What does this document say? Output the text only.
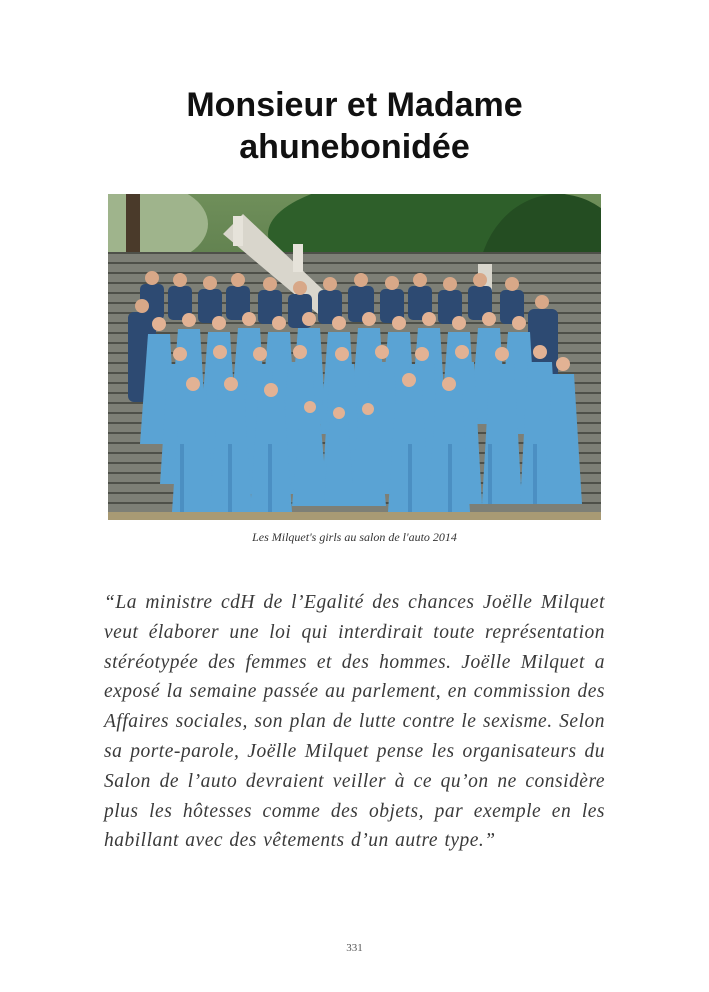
Monsieur et Madame
ahunebonidée
Les Milquet's girls au salon de l'auto 2014

“La ministre cdH de l’Egalité des chances Joëlle Milquet veut élaborer une loi qui interdirait toute représentation stéréotypée des femmes et des hommes. Joëlle Milquet a exposé la semaine passée au parlement, en commission des Affaires sociales, son plan de lutte contre le sexisme. Selon sa porte-parole, Joëlle Milquet pense les organisateurs du Salon de l’auto devraient veiller à ce qu’on ne considère plus les hôtesses comme des objets, par exemple en les habillant avec des vêtements d’un autre type.”

331
